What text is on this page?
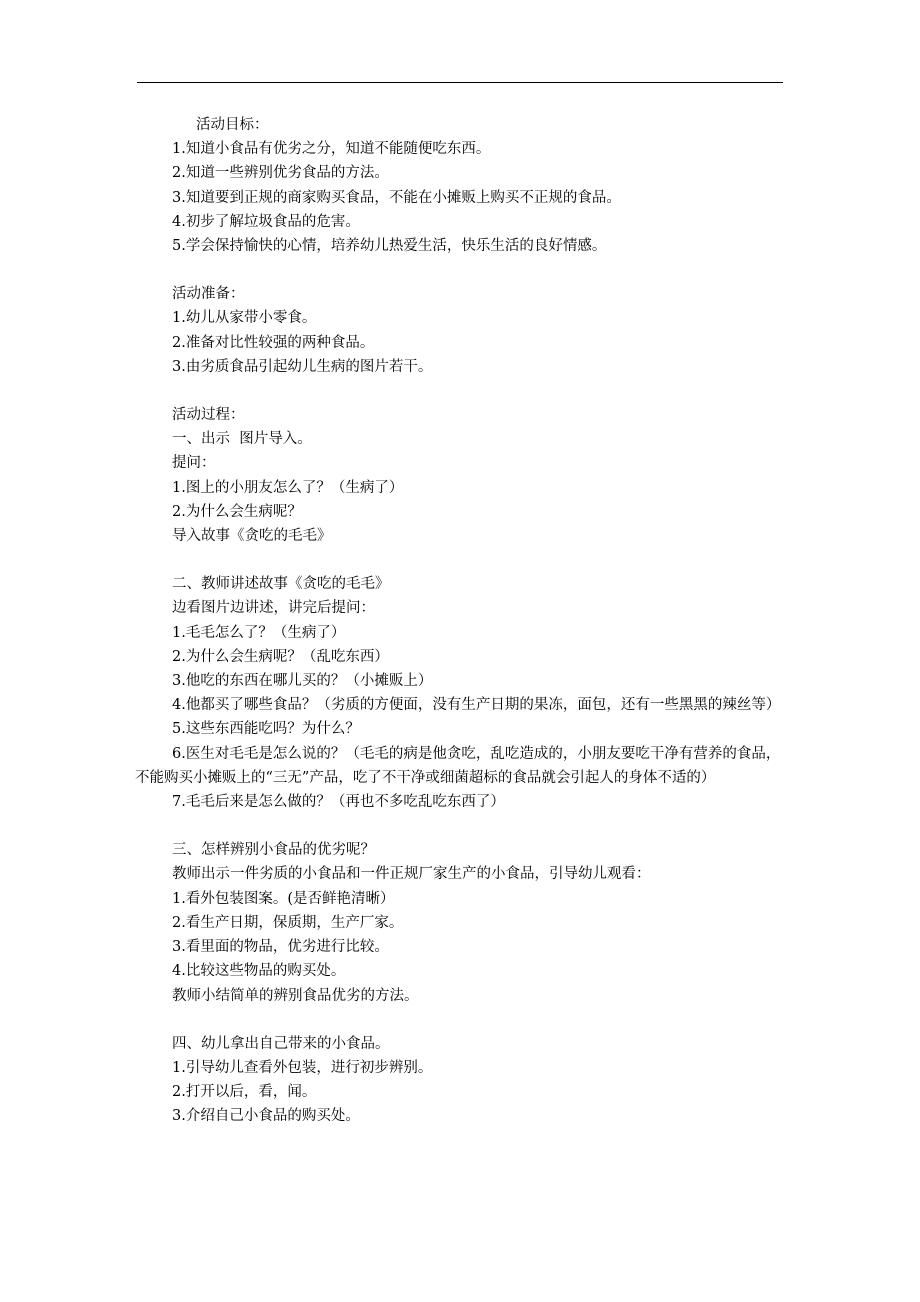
活动目标：

1.知道小食品有优劣之分，知道不能随便吃东西。

2.知道一些辨别优劣食品的方法。

3.知道要到正规的商家购买食品，不能在小摊贩上购买不正规的食品。

4.初步了解垃圾食品的危害。

5.学会保持愉快的心情，培养幼儿热爱生活，快乐生活的良好情感。

活动准备：

1.幼儿从家带小零食。

2.准备对比性较强的两种食品。

3.由劣质食品引起幼儿生病的图片若干。

活动过程：

一、出示  图片导入。

提问：

1.图上的小朋友怎么了？（生病了）

2.为什么会生病呢？

导入故事《贪吃的毛毛》

二、教师讲述故事《贪吃的毛毛》

边看图片边讲述，讲完后提问：

1.毛毛怎么了？（生病了）

2.为什么会生病呢？（乱吃东西）

3.他吃的东西在哪儿买的？（小摊贩上）

4.他都买了哪些食品？（劣质的方便面，没有生产日期的果冻，面包，还有一些黑黑的辣丝等）

5.这些东西能吃吗？为什么？

6.医生对毛毛是怎么说的？（毛毛的病是他贪吃，乱吃造成的，小朋友要吃干净有营养的食品，不能购买小摊贩上的“三无”产品，吃了不干净或细菌超标的食品就会引起人的身体不适的）

7.毛毛后来是怎么做的？（再也不多吃乱吃东西了）

三、怎样辨别小食品的优劣呢？

教师出示一件劣质的小食品和一件正规厂家生产的小食品，引导幼儿观看：

1.看外包装图案。(是否鲜艳清晰）

2.看生产日期，保质期，生产厂家。

3.看里面的物品，优劣进行比较。

4.比较这些物品的购买处。

教师小结简单的辨别食品优劣的方法。

四、幼儿拿出自己带来的小食品。

1.引导幼儿查看外包装，进行初步辨别。

2.打开以后，看，闻。

3.介绍自己小食品的购买处。
